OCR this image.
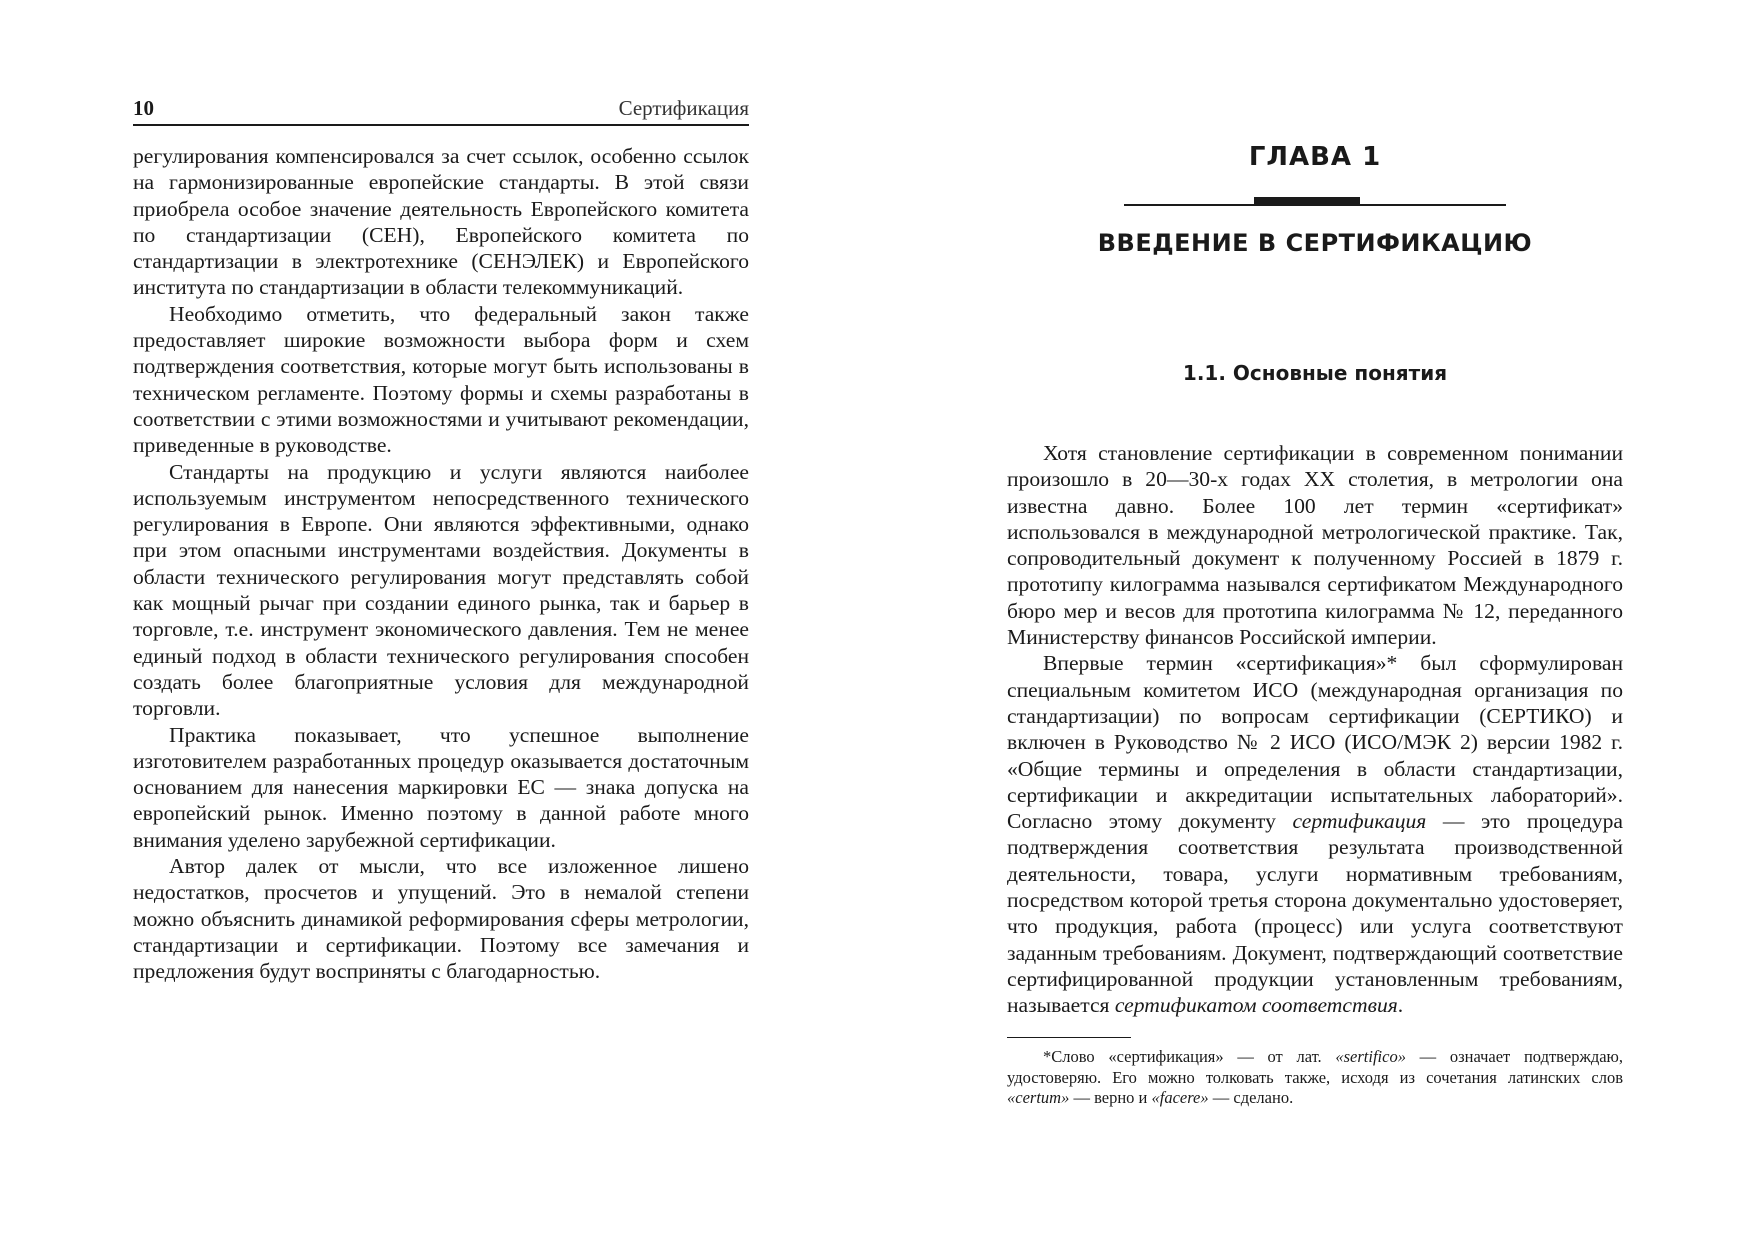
10	Сертификация

регулирования компенсировался за счет ссылок, особенно ссылок на гармонизированные европейские стандарты. В этой связи приобрела особое значение деятельность Европейского комитета по стандартизации (СЕН), Европейского комитета по стандартизации в электротехнике (СЕНЭЛЕК) и Европейского института по стандартизации в области телекоммуникаций.

Необходимо отметить, что федеральный закон также предоставляет широкие возможности выбора форм и схем подтверждения соответствия, которые могут быть использованы в техническом регламенте. Поэтому формы и схемы разработаны в соответствии с этими возможностями и учитывают рекомендации, приведенные в руководстве.

Стандарты на продукцию и услуги являются наиболее используемым инструментом непосредственного технического регулирования в Европе. Они являются эффективными, однако при этом опасными инструментами воздействия. Документы в области технического регулирования могут представлять собой как мощный рычаг при создании единого рынка, так и барьер в торговле, т.е. инструмент экономического давления. Тем не менее единый подход в области технического регулирования способен создать более благоприятные условия для международной торговли.

Практика показывает, что успешное выполнение изготовителем разработанных процедур оказывается достаточным основанием для нанесения маркировки ЕС — знака допуска на европейский рынок. Именно поэтому в данной работе много внимания уделено зарубежной сертификации.

Автор далек от мысли, что все изложенное лишено недостатков, просчетов и упущений. Это в немалой степени можно объяснить динамикой реформирования сферы метрологии, стандартизации и сертификации. Поэтому все замечания и предложения будут восприняты с благодарностью.

ГЛАВА 1
ВВЕДЕНИЕ В СЕРТИФИКАЦИЮ
1.1. Основные понятия

Хотя становление сертификации в современном понимании произошло в 20—30-х годах XX столетия, в метрологии она известна давно. Более 100 лет термин «сертификат» использовался в международной метрологической практике. Так, сопроводительный документ к полученному Россией в 1879 г. прототипу килограмма назывался сертификатом Международного бюро мер и весов для прототипа килограмма № 12, переданного Министерству финансов Российской империи.

Впервые термин «сертификация»* был сформулирован специальным комитетом ИСО (международная организация по стандартизации) по вопросам сертификации (СЕРТИКО) и включен в Руководство № 2 ИСО (ИСО/МЭК 2) версии 1982 г. «Общие термины и определения в области стандартизации, сертификации и аккредитации испытательных лабораторий». Согласно этому документу сертификация — это процедура подтверждения соответствия результата производственной деятельности, товара, услуги нормативным требованиям, посредством которой третья сторона документально удостоверяет, что продукция, работа (процесс) или услуга соответствуют заданным требованиям. Документ, подтверждающий соответствие сертифицированной продукции установленным требованиям, называется сертификатом соответствия.

*Слово «сертификация» — от лат. «sertifico» — означает подтверждаю, удостоверяю. Его можно толковать также, исходя из сочетания латинских слов «certum» — верно и «facere» — сделано.
